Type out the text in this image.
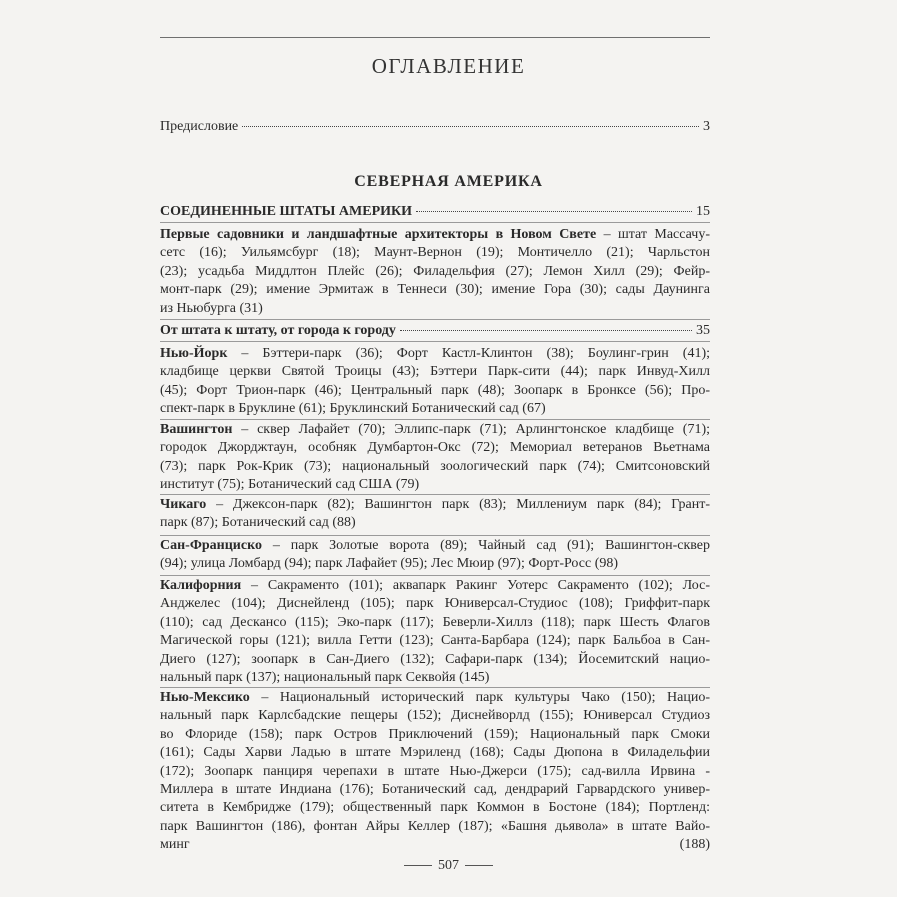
ОГЛАВЛЕНИЕ
Предисловие	3
СЕВЕРНАЯ АМЕРИКА
СОЕДИНЕННЫЕ ШТАТЫ АМЕРИКИ	15
Первые садовники и ландшафтные архитекторы в Новом Свете – штат Массачу-
сетс (16); Уильямсбург (18); Маунт-Вернон (19); Монтичелло (21); Чарльстон
(23); усадьба Миддлтон Плейс (26); Филадельфия (27); Лемон Хилл (29); Фейр-
монт-парк (29); имение Эрмитаж в Теннеси (30); имение Гора (30); сады Даунинга
из Ньюбурга (31)
От штата к штату, от города к городу	35
Нью-Йорк – Бэттери-парк (36); Форт Кастл-Клинтон (38); Боулинг-грин (41);
кладбище церкви Святой Троицы (43); Бэттери Парк-сити (44); парк Инвуд-Хилл
(45); Форт Трион-парк (46); Центральный парк (48); Зоопарк в Бронксе (56); Про-
спект-парк в Бруклине (61); Бруклинский Ботанический сад (67)
Вашингтон – сквер Лафайет (70); Эллипс-парк (71); Арлингтонское кладбище (71);
городок Джорджтаун, особняк Думбартон-Окс (72); Мемориал ветеранов Вьетнама
(73); парк Рок-Крик (73); национальный зоологический парк (74); Смитсоновский
институт (75); Ботанический сад США (79)
Чикаго – Джексон-парк (82); Вашингтон парк (83); Миллениум парк (84); Грант-
парк (87); Ботанический сад (88)
Сан-Франциско – парк Золотые ворота (89); Чайный сад (91); Вашингтон-сквер
(94); улица Ломбард (94); парк Лафайет (95); Лес Мюир (97); Форт-Росс (98)
Калифорния – Сакраменто (101); аквапарк Ракинг Уотерс Сакраменто (102); Лос-
Анджелес (104); Диснейленд (105); парк Юниверсал-Студиос (108); Гриффит-парк
(110); сад Дескансо (115); Эко-парк (117); Беверли-Хиллз (118); парк Шесть Флагов
Магической горы (121); вилла Гетти (123); Санта-Барбара (124); парк Бальбоа в Сан-
Диего (127); зоопарк в Сан-Диего (132); Сафари-парк (134); Йосемитский нацио-
нальный парк (137); национальный парк Секвойя (145)
Нью-Мексико – Национальный исторический парк культуры Чако (150); Нацио-
нальный парк Карлсбадские пещеры (152); Диснейворлд (155); Юниверсал Студиоз
во Флориде (158); парк Остров Приключений (159); Национальный парк Смоки
(161); Сады Харви Ладью в штате Мэриленд (168); Сады Дюпона в Филадельфии
(172); Зоопарк панциря черепахи в штате Нью-Джерси (175); сад-вилла Ирвина -
Миллера в штате Индиана (176); Ботанический сад, дендрарий Гарвардского универ-
ситета в Кембридже (179); общественный парк Коммон в Бостоне (184); Портленд:
парк Вашингтон (186), фонтан Айры Келлер (187); «Башня дьявола» в штате Вайо-
минг (188)
507
